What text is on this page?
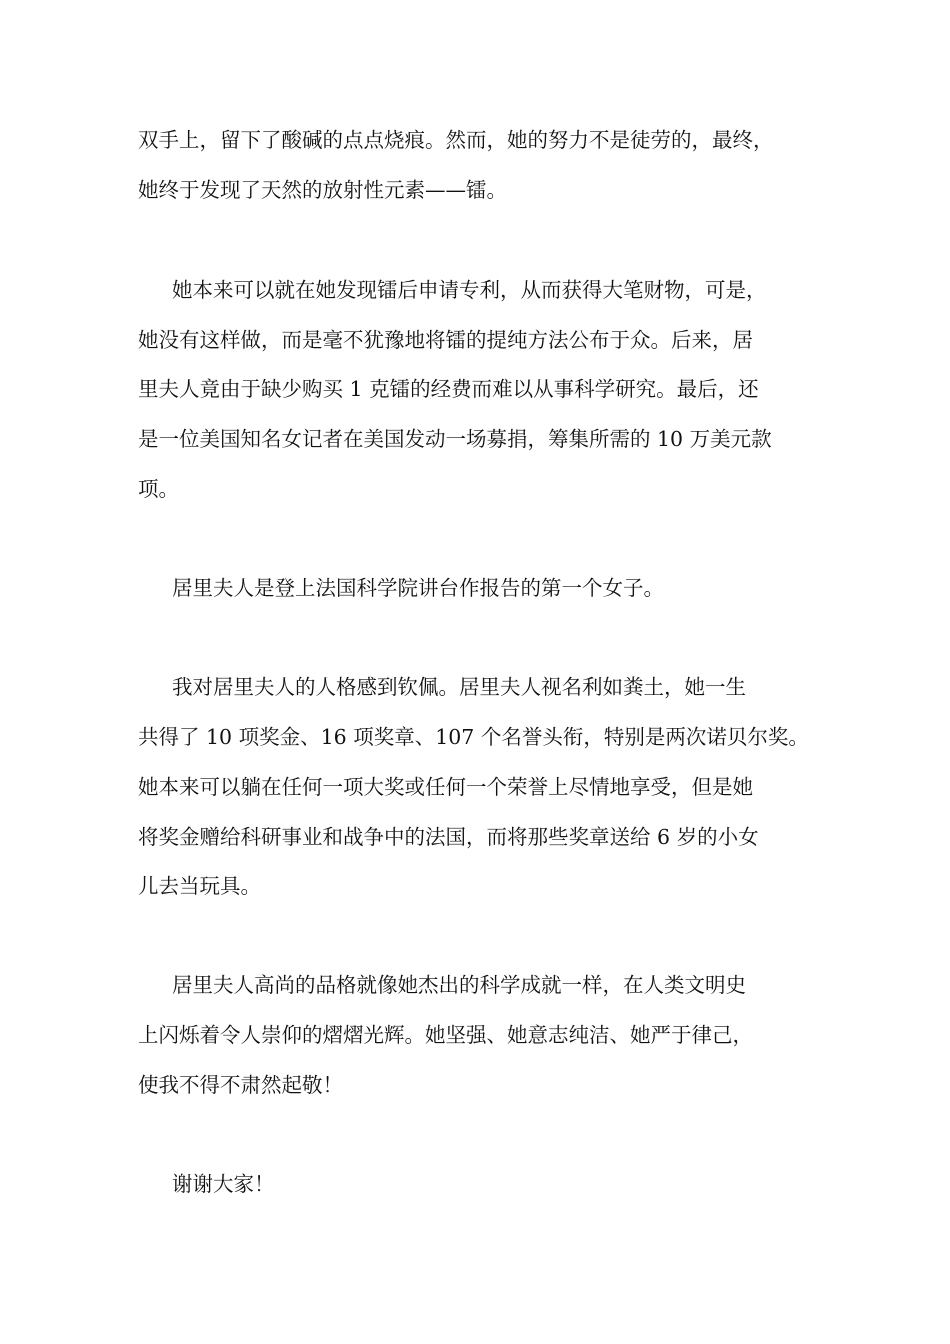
双手上，留下了酸碱的点点烧痕。然而，她的努力不是徒劳的，最终，
她终于发现了天然的放射性元素——镭。
她本来可以就在她发现镭后申请专利，从而获得大笔财物，可是，
她没有这样做，而是毫不犹豫地将镭的提纯方法公布于众。后来，居
里夫人竟由于缺少购买 1 克镭的经费而难以从事科学研究。最后，还
是一位美国知名女记者在美国发动一场募捐，筹集所需的 10 万美元款
项。
居里夫人是登上法国科学院讲台作报告的第一个女子。
我对居里夫人的人格感到钦佩。居里夫人视名利如粪土，她一生
共得了 10 项奖金、16 项奖章、107 个名誉头衔，特别是两次诺贝尔奖。
她本来可以躺在任何一项大奖或任何一个荣誉上尽情地享受，但是她
将奖金赠给科研事业和战争中的法国，而将那些奖章送给 6 岁的小女
儿去当玩具。
居里夫人高尚的品格就像她杰出的科学成就一样，在人类文明史
上闪烁着令人崇仰的熠熠光辉。她坚强、她意志纯洁、她严于律己，
使我不得不肃然起敬！
谢谢大家！
